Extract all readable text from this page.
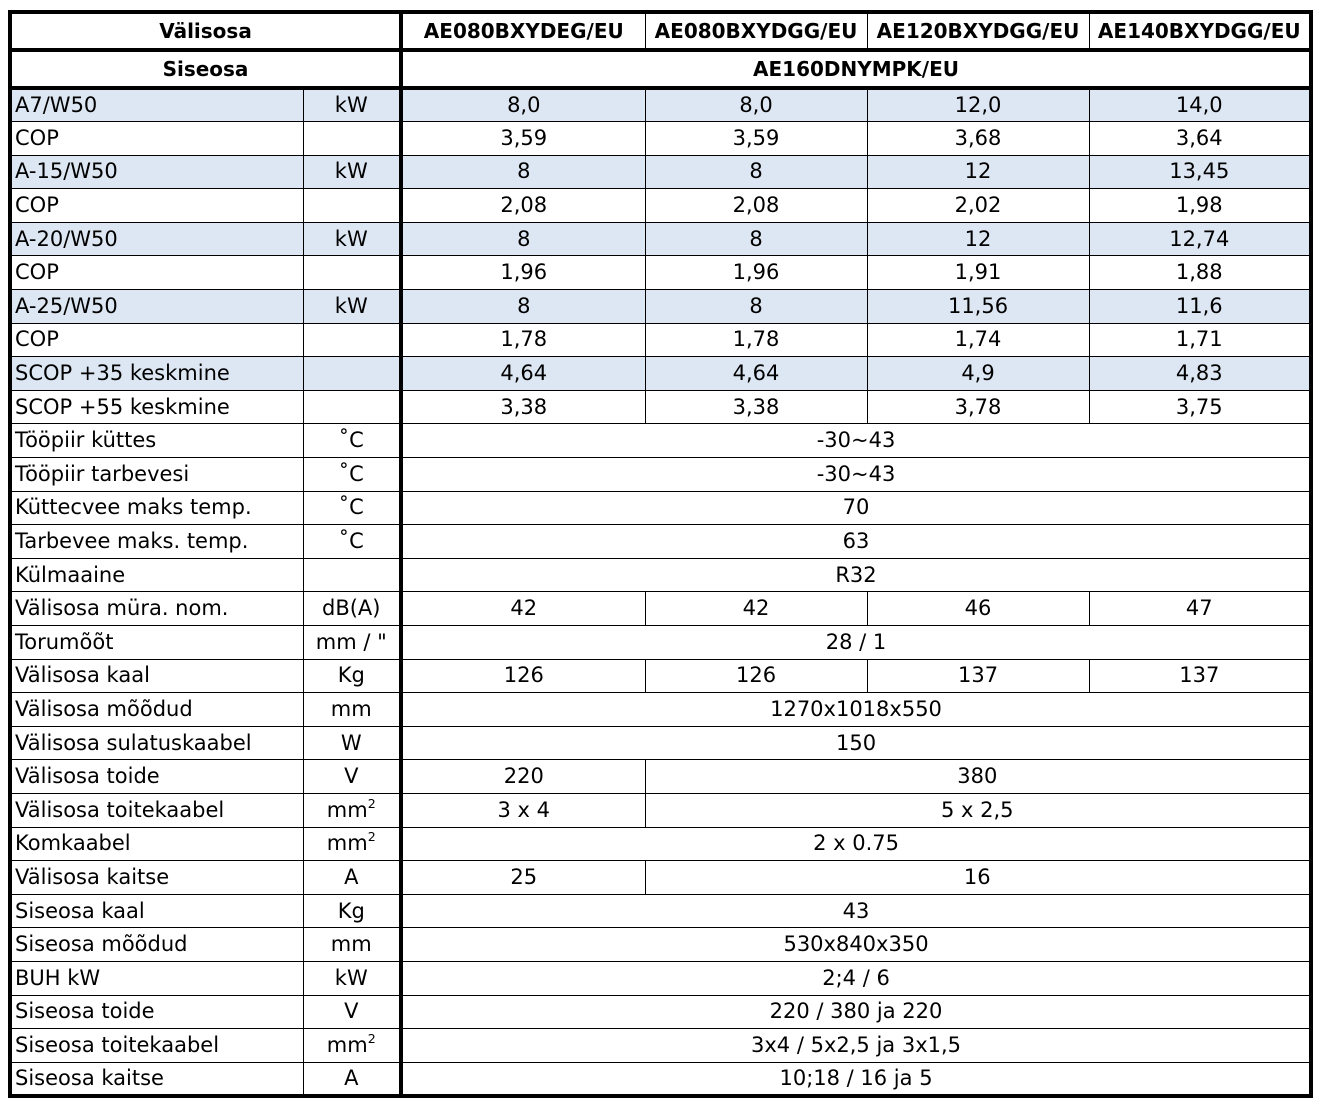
Välisosa		AE080BXYDEG/EU	AE080BXYDGG/EU	AE120BXYDGG/EU	AE140BXYDGG/EU
Siseosa		AE160DNYMPK/EU			
A7/W50	kW	8,0	8,0	12,0	14,0
COP		3,59	3,59	3,68	3,64
A-15/W50	kW	8	8	12	13,45
COP		2,08	2,08	2,02	1,98
A-20/W50	kW	8	8	12	12,74
COP		1,96	1,96	1,91	1,88
A-25/W50	kW	8	8	11,56	11,6
COP		1,78	1,78	1,74	1,71
SCOP +35 keskmine		4,64	4,64	4,9	4,83
SCOP +55 keskmine		3,38	3,38	3,78	3,75
Tööpiir küttes	˚C	-30~43			
Tööpiir tarbevesi	˚C	-30~43			
Küttecvee maks temp.	˚C	70			
Tarbevee maks. temp.	˚C	63			
Külmaaine		R32			
Välisosa müra. nom.	dB(A)	42	42	46	47
Torumõõt	mm / "	28 / 1			
Välisosa kaal	Kg	126	126	137	137
Välisosa mõõdud	mm	1270x1018x550			
Välisosa sulatuskaabel	W	150			
Välisosa toide	V	220	380		
Välisosa toitekaabel	$mm^2$	3 x 4	5 x 2,5		
Komkaabel	$mm^2$	2 x 0.75			
Välisosa kaitse	A	25	16		
Siseosa kaal	Kg	43			
Siseosa mõõdud	mm	530x840x350			
BUH kW	kW	2;4 / 6			
Siseosa toide	V	220 / 380 ja 220			
Siseosa toitekaabel	$mm^2$	3x4 / 5x2,5 ja 3x1,5			
Siseosa kaitse	A	10;18 / 16 ja 5			
